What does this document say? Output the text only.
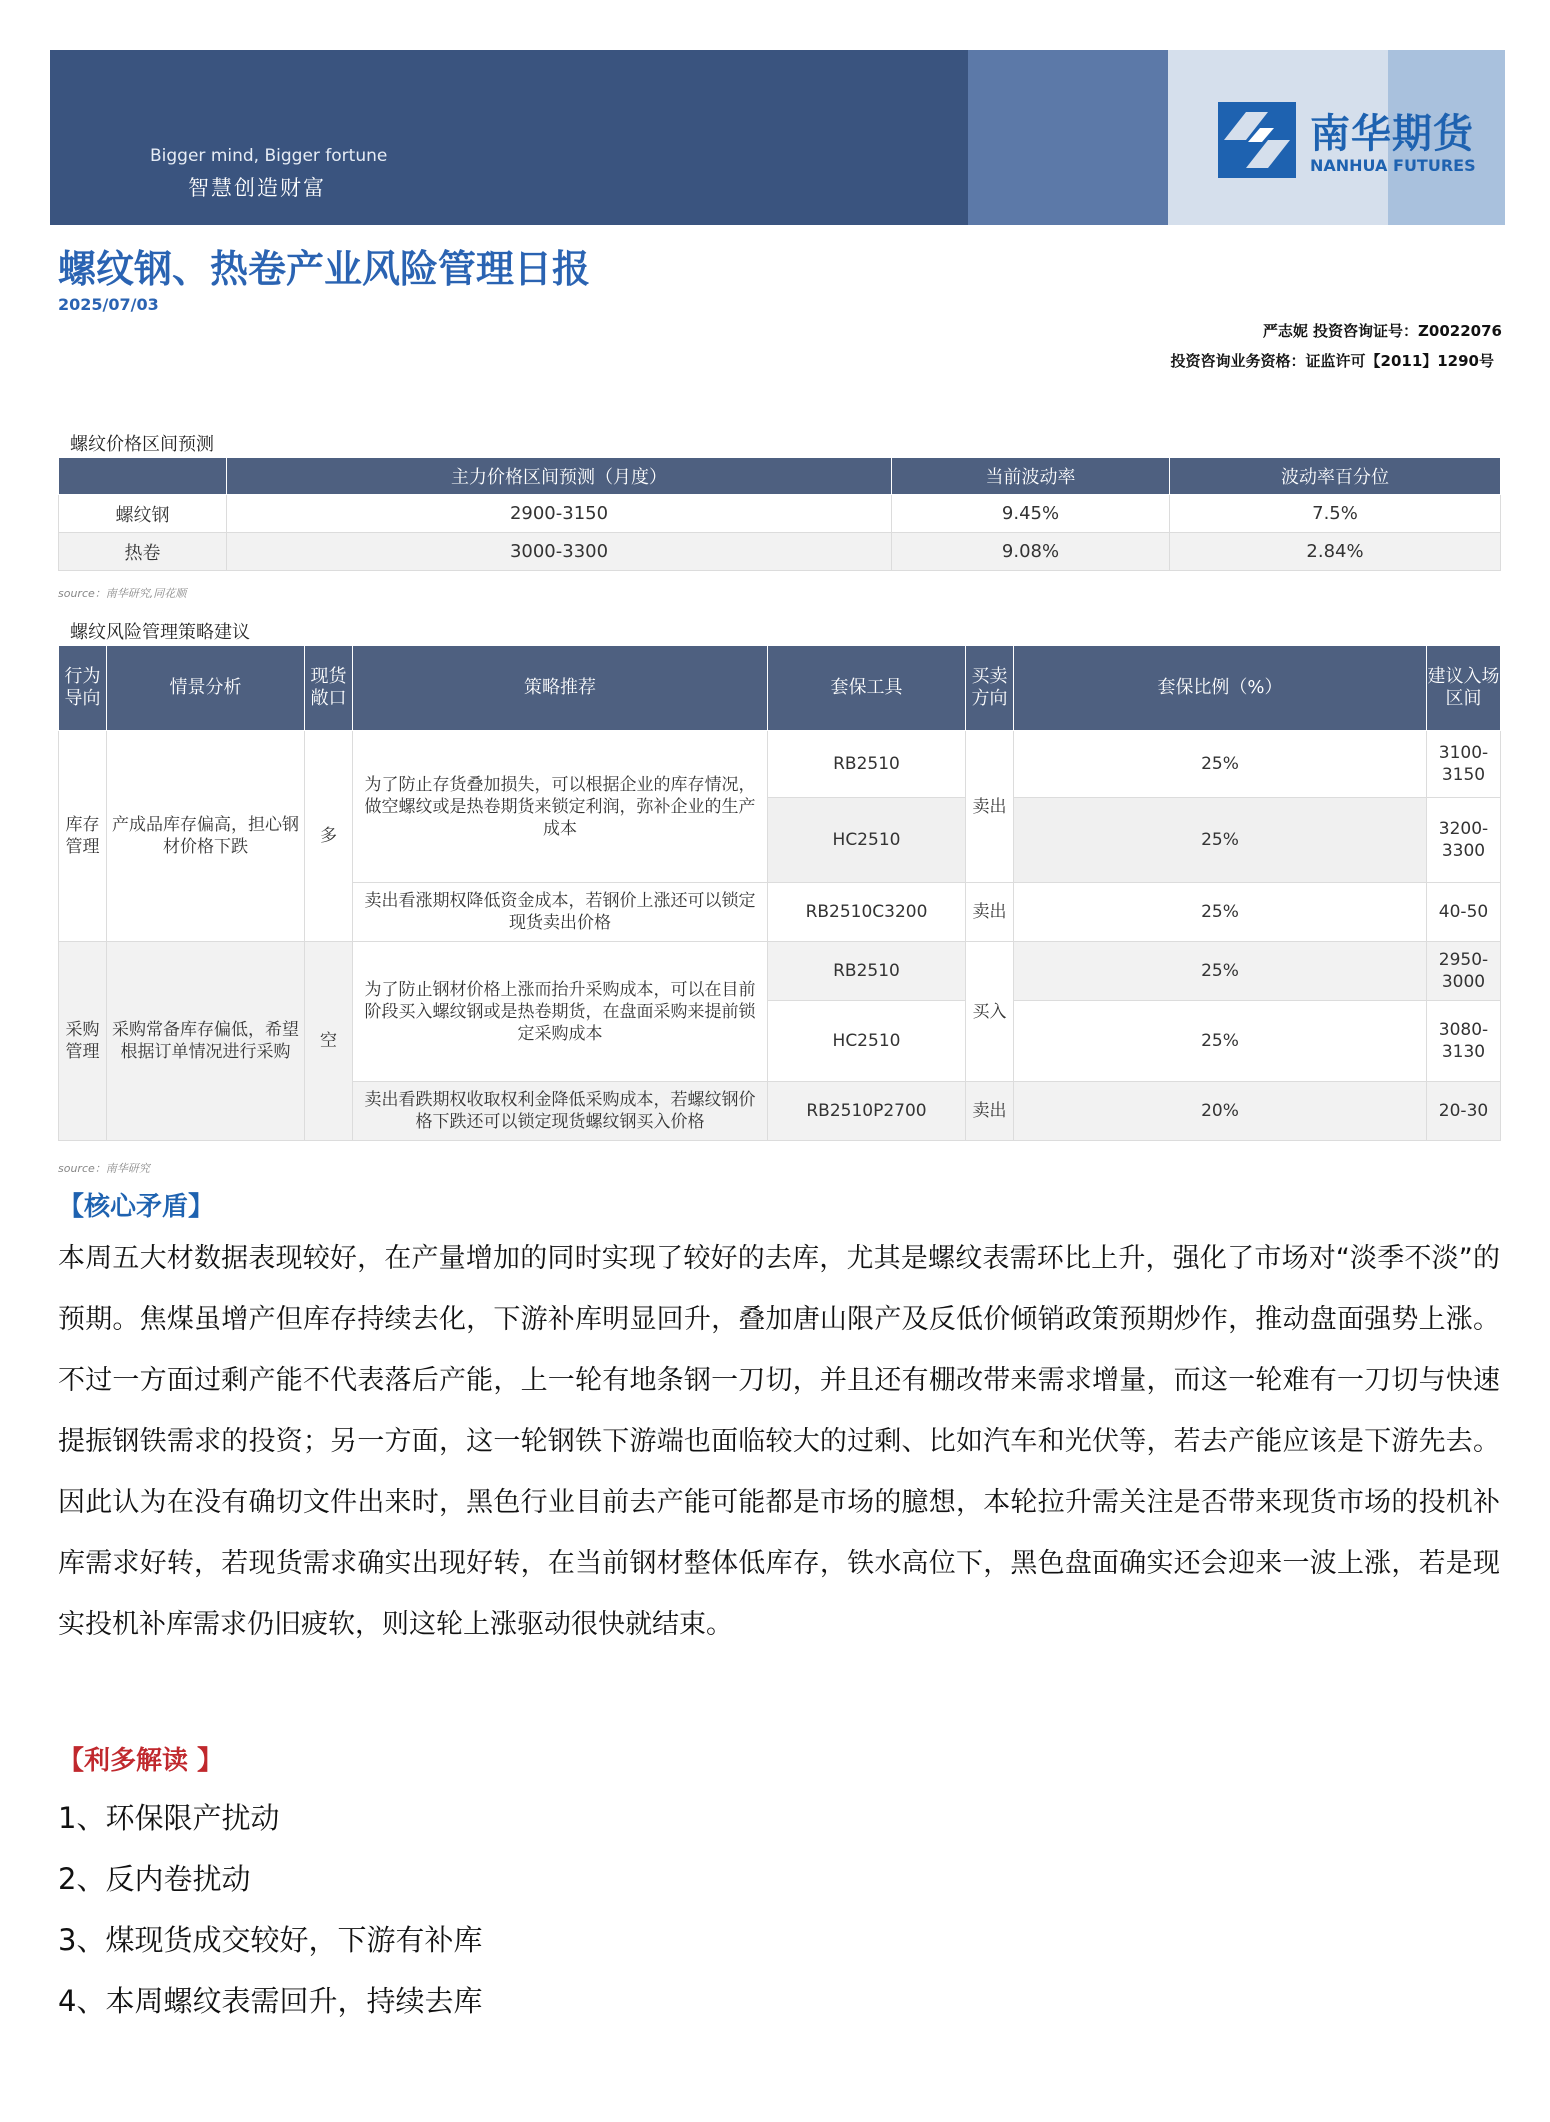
Bigger mind, Bigger fortune
智慧创造财富
南华期货
NANHUA FUTURES
螺纹钢、热卷产业风险管理日报
2025/07/03
严志妮 投资咨询证号：Z0022076
投资咨询业务资格：证监许可【2011】1290号
螺纹价格区间预测
	主力价格区间预测（月度）	当前波动率	波动率百分位
螺纹钢	2900-3150	9.45%	7.5%
热卷	3000-3300	9.08%	2.84%
source：南华研究,同花顺
螺纹风险管理策略建议
行为导向	情景分析	现货敞口	策略推荐	套保工具	买卖方向	套保比例（%）	建议入场区间
库存管理	产成品库存偏高，担心钢材价格下跌	多	为了防止存货叠加损失，可以根据企业的库存情况，做空螺纹或是热卷期货来锁定利润，弥补企业的生产成本	RB2510	卖出	25%	3100-3150
				HC2510		25%	3200-3300
			卖出看涨期权降低资金成本，若钢价上涨还可以锁定现货卖出价格	RB2510C3200	卖出	25%	40-50
采购管理	采购常备库存偏低，希望根据订单情况进行采购	空	为了防止钢材价格上涨而抬升采购成本，可以在目前阶段买入螺纹钢或是热卷期货，在盘面采购来提前锁定采购成本	RB2510	买入	25%	2950-3000
				HC2510		25%	3080-3130
			卖出看跌期权收取权利金降低采购成本，若螺纹钢价格下跌还可以锁定现货螺纹钢买入价格	RB2510P2700	卖出	20%	20-30
source：南华研究
【核心矛盾】

本周五大材数据表现较好，在产量增加的同时实现了较好的去库，尤其是螺纹表需环比上升，强化了市场对“淡季不淡”的预期。焦煤虽增产但库存持续去化，下游补库明显回升，叠加唐山限产及反低价倾销政策预期炒作，推动盘面强势上涨。不过一方面过剩产能不代表落后产能，上一轮有地条钢一刀切，并且还有棚改带来需求增量，而这一轮难有一刀切与快速提振钢铁需求的投资；另一方面，这一轮钢铁下游端也面临较大的过剩、比如汽车和光伏等，若去产能应该是下游先去。因此认为在没有确切文件出来时，黑色行业目前去产能可能都是市场的臆想，本轮拉升需关注是否带来现货市场的投机补库需求好转，若现货需求确实出现好转，在当前钢材整体低库存，铁水高位下，黑色盘面确实还会迎来一波上涨，若是现实投机补库需求仍旧疲软，则这轮上涨驱动很快就结束。

【利多解读 】
1、环保限产扰动
2、反内卷扰动
3、煤现货成交较好，下游有补库
4、本周螺纹表需回升，持续去库
